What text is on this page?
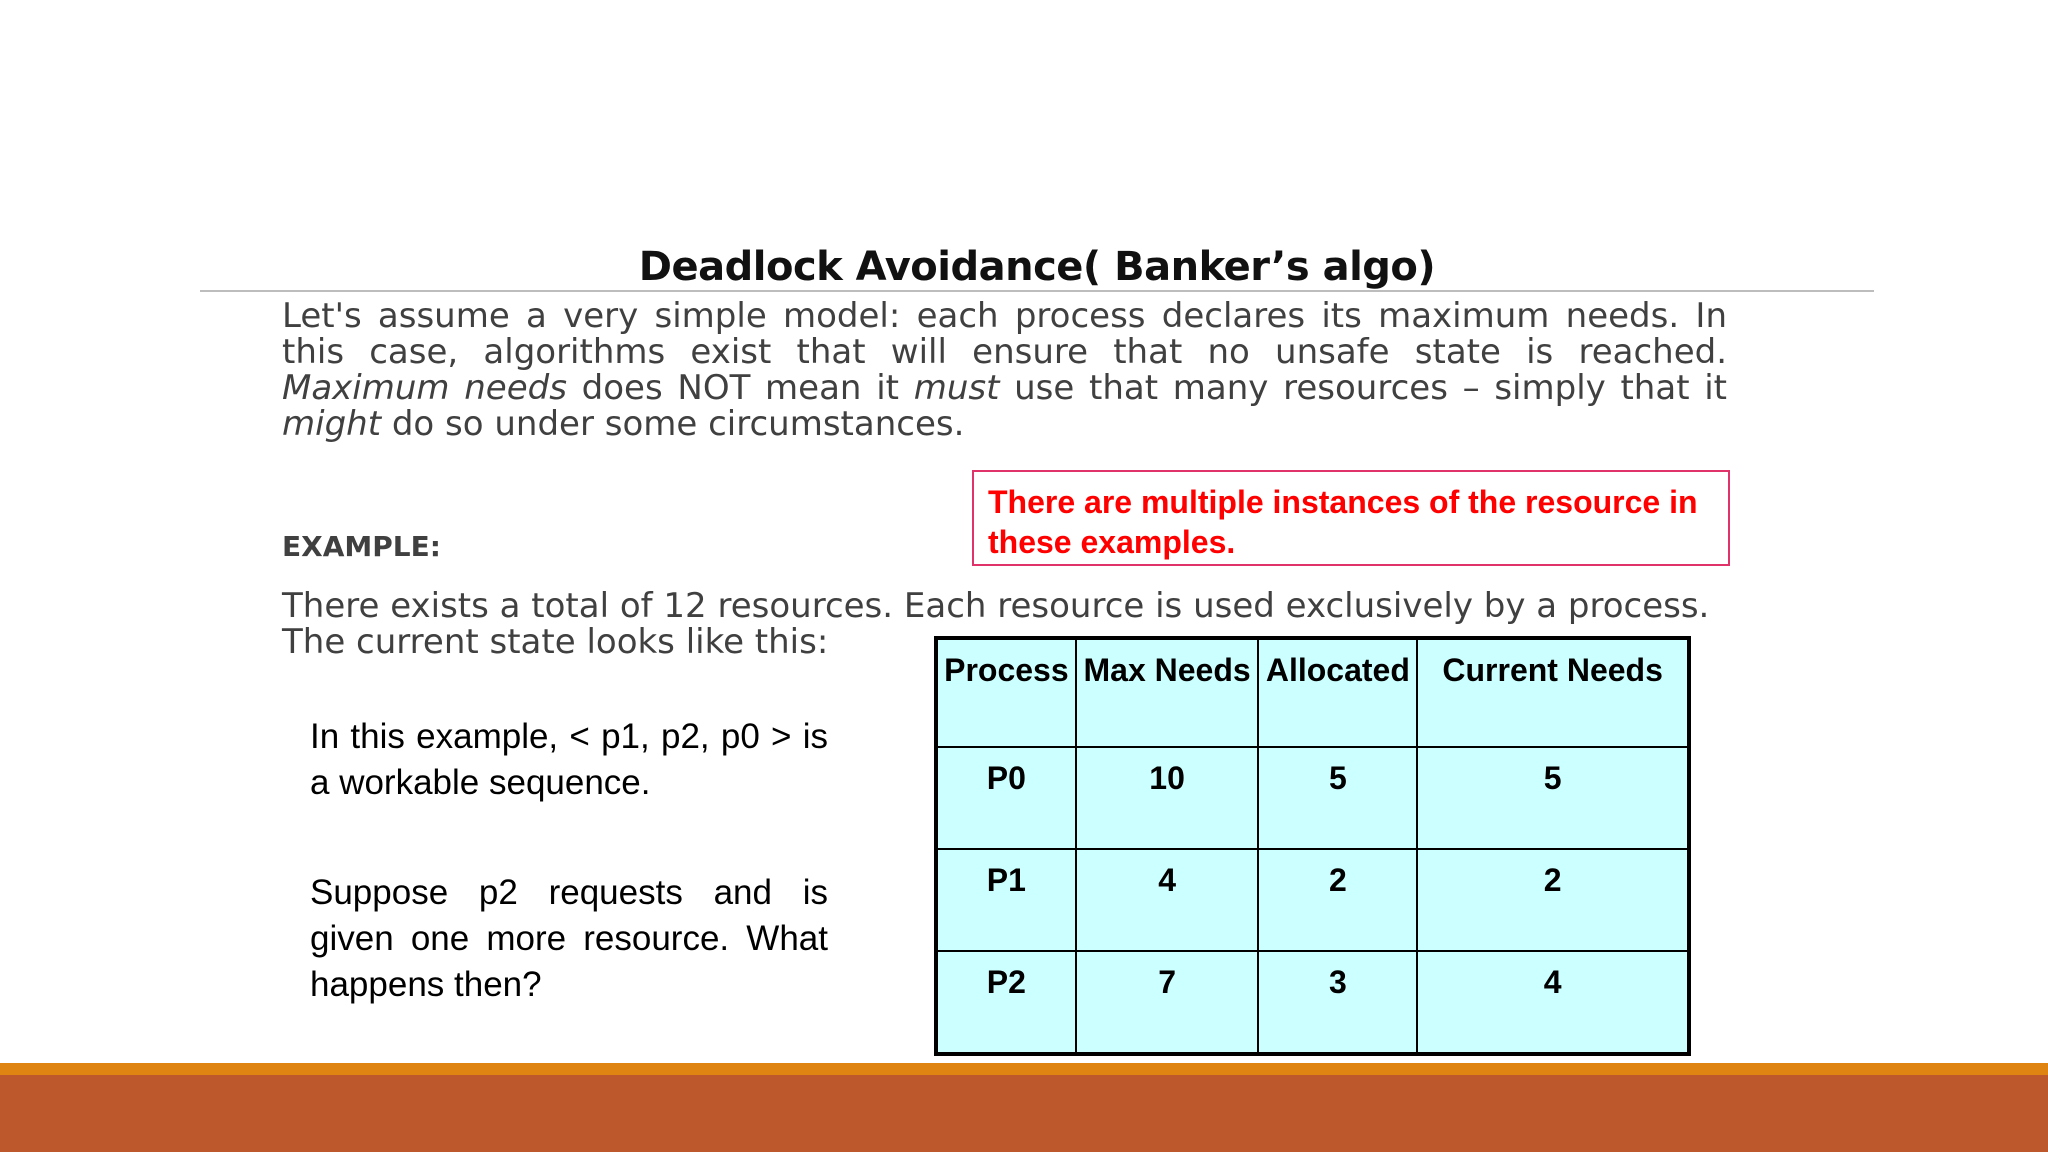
Deadlock Avoidance( Banker’s algo)
Let's assume a very simple model: each process declares its maximum needs. In this case, algorithms exist that will ensure that no unsafe state is reached. Maximum needs does NOT mean it must use that many resources – simply that it might do so under some circumstances.
There are multiple instances of the resource in these examples.
EXAMPLE:
There exists a total of 12 resources. Each resource is used exclusively by a process. The current state looks like this:
In this example, < p1, p2, p0 > is a workable sequence.
Suppose p2 requests and is given one more resource. What happens then?
Process	Max Needs	Allocated	Current Needs
P0	10	5	5
P1	4	2	2
P2	7	3	4
